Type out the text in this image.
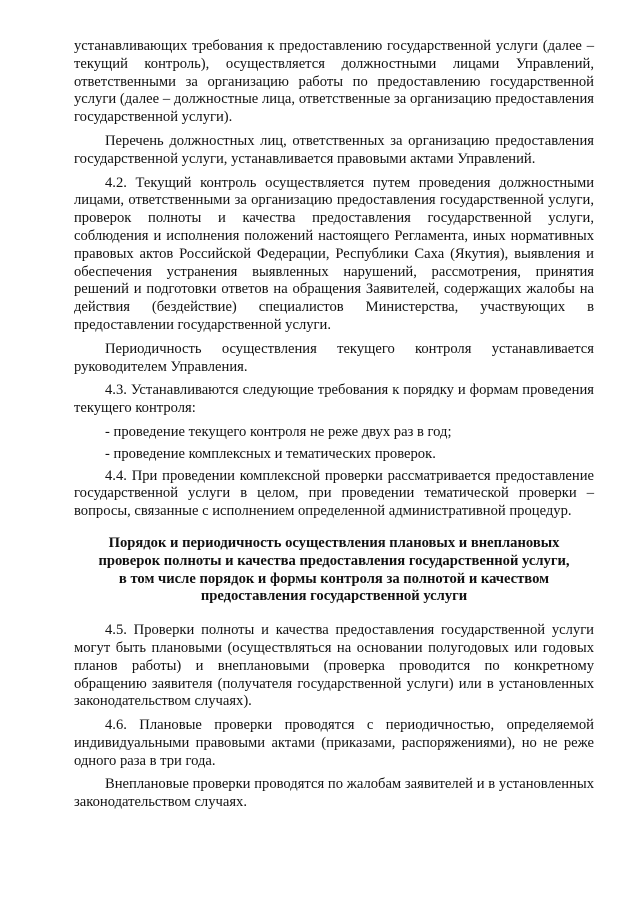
устанавливающих требования к предоставлению государственной услуги (далее – текущий контроль), осуществляется должностными лицами Управлений, ответственными за организацию работы по предоставлению государственной услуги (далее – должностные лица, ответственные за организацию предоставления государственной услуги).

Перечень должностных лиц, ответственных за организацию предоставления государственной услуги, устанавливается правовыми актами Управлений.

4.2. Текущий контроль осуществляется путем проведения должностными лицами, ответственными за организацию предоставления государственной услуги, проверок полноты и качества предоставления государственной услуги, соблюдения и исполнения положений настоящего Регламента, иных нормативных правовых актов Российской Федерации, Республики Саха (Якутия), выявления и обеспечения устранения выявленных нарушений, рассмотрения, принятия решений и подготовки ответов на обращения Заявителей, содержащих жалобы на действия (бездействие) специалистов Министерства, участвующих в предоставлении государственной услуги.

Периодичность осуществления текущего контроля устанавливается руководителем Управления.

4.3. Устанавливаются следующие требования к порядку и формам проведения текущего контроля:

- проведение текущего контроля не реже двух раз в год;

- проведение комплексных и тематических проверок.

4.4. При проведении комплексной проверки рассматривается предоставление государственной услуги в целом, при проведении тематической проверки – вопросы, связанные с исполнением определенной административной процедур.

Порядок и периодичность осуществления плановых и внеплановых
проверок полноты и качества предоставления государственной услуги,
в том числе порядок и формы контроля за полнотой и качеством
предоставления государственной услуги

4.5. Проверки полноты и качества предоставления государственной услуги могут быть плановыми (осуществляться на основании полугодовых или годовых планов работы) и внеплановыми (проверка проводится по конкретному обращению заявителя (получателя государственной услуги) или в установленных законодательством случаях).

4.6. Плановые проверки проводятся с периодичностью, определяемой индивидуальными правовыми актами (приказами, распоряжениями), но не реже одного раза в три года.

Внеплановые проверки проводятся по жалобам заявителей и в установленных законодательством случаях.
